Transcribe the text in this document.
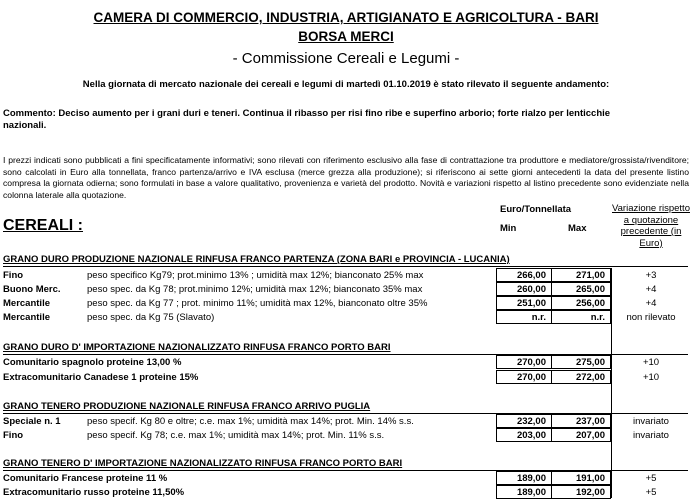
CAMERA DI COMMERCIO, INDUSTRIA, ARTIGIANATO E AGRICOLTURA - BARI
BORSA MERCI
- Commissione Cereali e Legumi -
Nella giornata di mercato nazionale dei cereali e legumi di martedì 01.10.2019 è stato rilevato il seguente andamento:
Commento: Deciso aumento per i grani duri e teneri. Continua il ribasso per risi fino ribe e superfino arborio; forte rialzo per lenticchie nazionali.
I prezzi indicati sono pubblicati a fini specificatamente informativi; sono rilevati con riferimento esclusivo alla fase di contrattazione tra produttore e mediatore/grossista/rivenditore; sono calcolati in Euro alla tonnellata, franco partenza/arrivo e IVA esclusa (merce grezza alla produzione); si riferiscono ai sette giorni antecedenti la data del presente listino compresa la giornata odierna; sono formulati in base a valore qualitativo, provenienza e varietà del prodotto. Novità e variazioni rispetto al listino precedente sono evidenziate nella colonna laterale alla quotazione.
CEREALI :
Euro/Tonnellata
Min	Max
Variazione rispetto a quotazione precedente (in Euro)
GRANO DURO PRODUZIONE NAZIONALE RINFUSA FRANCO PARTENZA (ZONA BARI e PROVINCIA - LUCANIA)
Fino	peso specifico Kg79; prot.minimo 13% ; umidità max 12%; bianconato 25% max	266,00	271,00	+3
Buono Merc.	peso spec. da Kg 78; prot.minimo 12%; umidità max 12%; bianconato 35% max	260,00	265,00	+4
Mercantile	peso spec. da Kg 77 ; prot. minimo 11%; umidità max 12%, bianconato oltre 35%	251,00	256,00	+4
Mercantile	peso spec. da Kg 75 (Slavato)	n.r.	n.r.	non rilevato
GRANO DURO D' IMPORTAZIONE NAZIONALIZZATO RINFUSA FRANCO PORTO BARI
Comunitario spagnolo proteine 13,00 %	270,00	275,00	+10
Extracomunitario Canadese 1 proteine 15%	270,00	272,00	+10
GRANO TENERO PRODUZIONE NAZIONALE RINFUSA FRANCO ARRIVO PUGLIA
Speciale n. 1	peso specif. Kg 80 e oltre; c.e. max 1%; umidità max 14%; prot. Min. 14% s.s.	232,00	237,00	invariato
Fino	peso specif. Kg 78; c.e. max 1%; umidità max 14%; prot. Min. 11% s.s.	203,00	207,00	invariato
GRANO TENERO D' IMPORTAZIONE NAZIONALIZZATO RINFUSA FRANCO PORTO BARI
Comunitario Francese proteine 11 %	189,00	191,00	+5
Extracomunitario russo proteine 11,50%	189,00	192,00	+5
